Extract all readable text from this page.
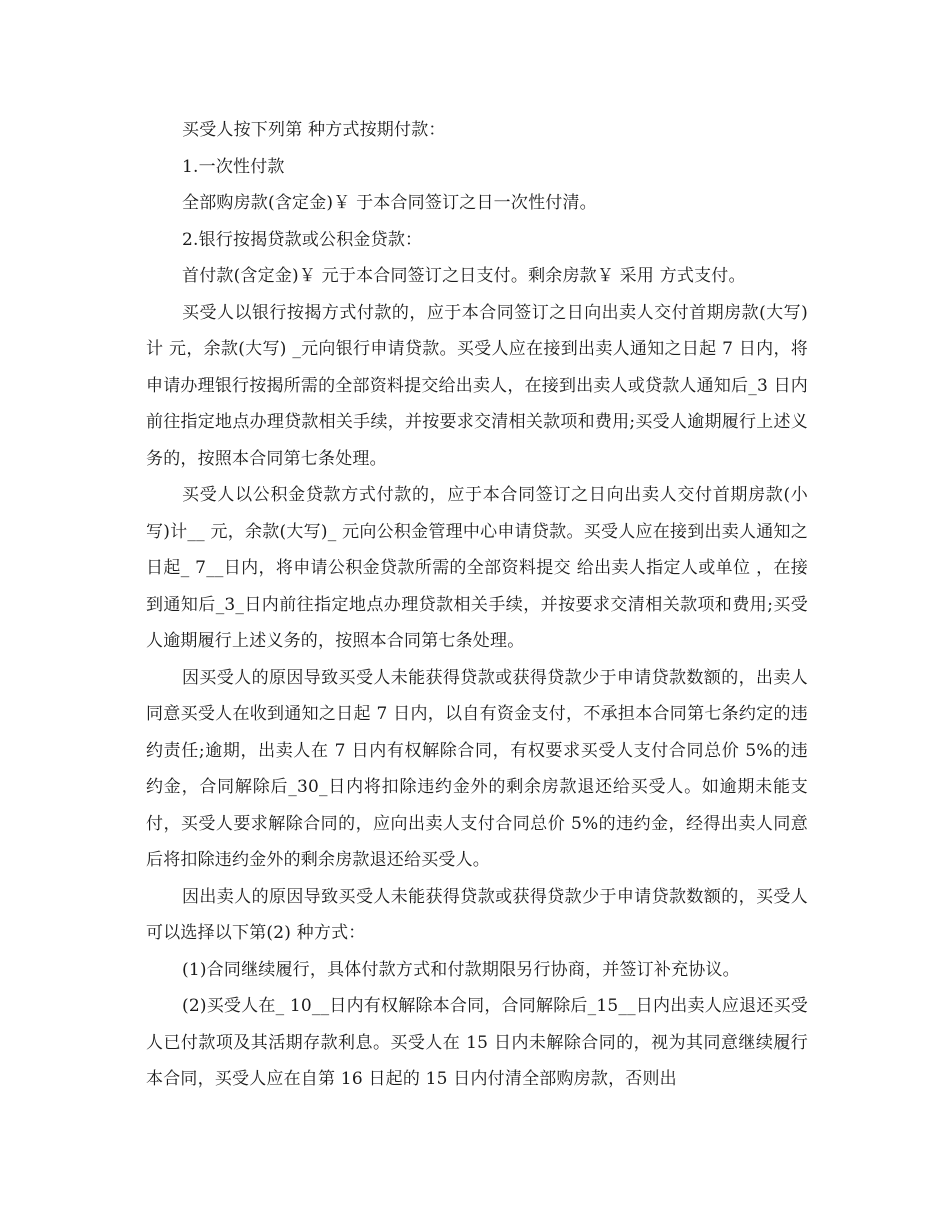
买受人按下列第 种方式按期付款：

1.一次性付款

全部购房款(含定金)￥ 于本合同签订之日一次性付清。

2.银行按揭贷款或公积金贷款：

首付款(含定金)￥ 元于本合同签订之日支付。剩余房款￥ 采用 方式支付。

买受人以银行按揭方式付款的，应于本合同签订之日向出卖人交付首期房款(大写)计 元，余款(大写) _元向银行申请贷款。买受人应在接到出卖人通知之日起 7 日内，将申请办理银行按揭所需的全部资料提交给出卖人，在接到出卖人或贷款人通知后_3 日内前往指定地点办理贷款相关手续，并按要求交清相关款项和费用;买受人逾期履行上述义务的，按照本合同第七条处理。

买受人以公积金贷款方式付款的，应于本合同签订之日向出卖人交付首期房款(小写)计__ 元，余款(大写)_ 元向公积金管理中心申请贷款。买受人应在接到出卖人通知之日起_ 7__日内，将申请公积金贷款所需的全部资料提交 给出卖人指定人或单位 ，在接到通知后_3_日内前往指定地点办理贷款相关手续，并按要求交清相关款项和费用;买受人逾期履行上述义务的，按照本合同第七条处理。

因买受人的原因导致买受人未能获得贷款或获得贷款少于申请贷款数额的，出卖人同意买受人在收到通知之日起 7 日内，以自有资金支付，不承担本合同第七条约定的违约责任;逾期，出卖人在 7 日内有权解除合同，有权要求买受人支付合同总价 5%的违约金，合同解除后_30_日内将扣除违约金外的剩余房款退还给买受人。如逾期未能支付，买受人要求解除合同的，应向出卖人支付合同总价 5%的违约金，经得出卖人同意后将扣除违约金外的剩余房款退还给买受人。

因出卖人的原因导致买受人未能获得贷款或获得贷款少于申请贷款数额的，买受人可以选择以下第(2) 种方式：

(1)合同继续履行，具体付款方式和付款期限另行协商，并签订补充协议。

(2)买受人在_ 10__日内有权解除本合同，合同解除后_15__日内出卖人应退还买受人已付款项及其活期存款利息。买受人在 15 日内未解除合同的，视为其同意继续履行本合同，买受人应在自第 16 日起的 15 日内付清全部购房款，否则出
